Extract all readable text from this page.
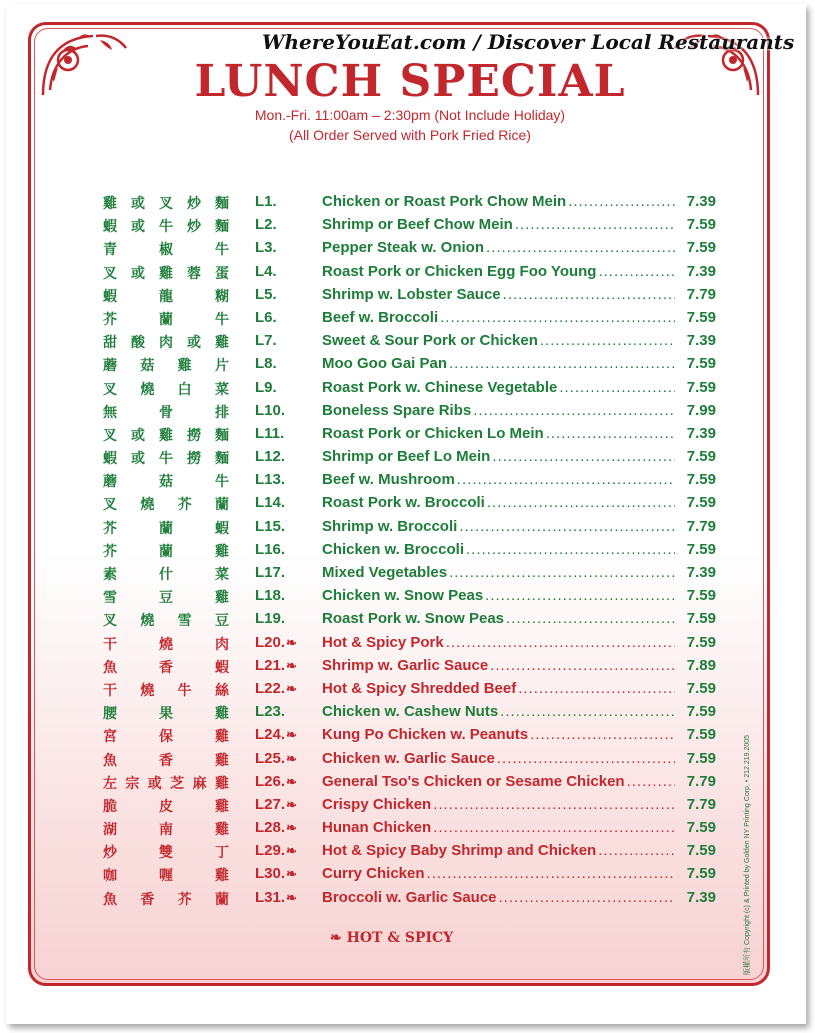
LUNCH SPECIAL
WhereYouEat.com / Discover Local Restaurants
Mon.-Fri. 11:00am – 2:30pm (Not Include Holiday)
(All Order Served with Pork Fried Rice)
雞 或 叉 炒 麵 L1.	Chicken or Roast Pork Chow Mein .....	7.39
蝦 或 牛 炒 麵 L2.	Shrimp or Beef Chow Mein .....	7.59
青	椒	牛 L3.	Pepper Steak w. Onion .....	7.59
叉 或 雞 蓉 蛋 L4.	Roast Pork or Chicken Egg Foo Young .....	7.39
蝦	龍	糊 L5.	Shrimp w. Lobster Sauce .....	7.79
芥	蘭	牛 L6.	Beef w. Broccoli .....	7.59
甜 酸 肉 或 雞 L7.	Sweet & Sour Pork or Chicken .....	7.39
蘑 菇 雞 片 L8.	Moo Goo Gai Pan .....	7.59
叉 燒 白 菜 L9.	Roast Pork w. Chinese Vegetable .....	7.59
無	骨	排 L10. Boneless Spare Ribs .....	7.99
叉 或 雞 撈 麵 L11.	Roast Pork or Chicken Lo Mein .....	7.39
蝦 或 牛 撈 麵 L12. Shrimp or Beef Lo Mein .....	7.59
蘑	菇	牛 L13. Beef w. Mushroom .....	7.59
叉 燒 芥 蘭 L14. Roast Pork w. Broccoli .....	7.59
芥	蘭	蝦 L15. Shrimp w. Broccoli .....	7.79
芥	蘭	雞 L16. Chicken w. Broccoli .....	7.59
素	什	菜 L17. Mixed Vegetables .....	7.39
雪	豆	雞 L18. Chicken w. Snow Peas .....	7.59
叉 燒 雪 豆 L19. Roast Pork w. Snow Peas .....	7.59
干	燒	肉 L20.❧ Hot & Spicy Pork .....	7.59
魚	香	蝦 L21.❧ Shrimp w. Garlic Sauce .....	7.89
干 燒 牛 絲 L22.❧ Hot & Spicy Shredded Beef .....	7.59
腰	果	雞 L23. Chicken w. Cashew Nuts .....	7.59
宮	保	雞 L24.❧ Kung Po Chicken w. Peanuts .....	7.59
魚	香	雞 L25.❧ Chicken w. Garlic Sauce .....	7.59
左 宗 或 芝 麻 雞 L26.❧ General Tso's Chicken or Sesame Chicken .....	7.79
脆	皮	雞 L27.❧ Crispy Chicken .....	7.79
湖	南	雞 L28.❧ Hunan Chicken .....	7.59
炒	雙	丁 L29.❧ Hot & Spicy Baby Shrimp and Chicken .....	7.59
咖	喱	雞 L30.❧ Curry Chicken .....	7.59
魚 香 芥 蘭 L31.❧ Broccoli w. Garlic Sauce .....	7.39
❧ HOT & SPICY	版權所有 Copyright (c) & Printed by Golden NY Printing Corp. • 212.219.2005
